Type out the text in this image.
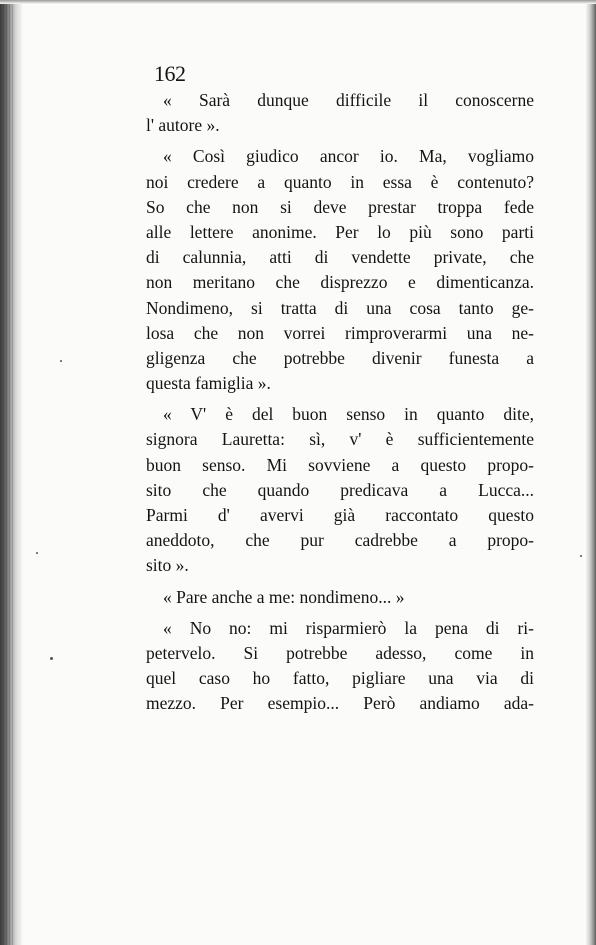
162
« Sarà dunque difficile il conoscerne
l' autore ».
« Così giudico ancor io. Ma, vogliamo
noi credere a quanto in essa è contenuto?
So che non si deve prestar troppa fede
alle lettere anonime. Per lo più sono parti
di calunnia, atti di vendette private, che
non meritano che disprezzo e dimenticanza.
Nondimeno, si tratta di una cosa tanto ge-
losa che non vorrei rimproverarmi una ne-
gligenza che potrebbe divenir funesta a
questa famiglia ».
« V' è del buon senso in quanto dite,
signora Lauretta: sì, v' è sufficientemente
buon senso. Mi sovviene a questo propo-
sito che quando predicava a Lucca...
Parmi d' avervi già raccontato questo
aneddoto, che pur cadrebbe a propo-
sito ».
« Pare anche a me: nondimeno... »
« No no: mi risparmierò la pena di ri-
petervelo. Si potrebbe adesso, come in
quel caso ho fatto, pigliare una via di
mezzo. Per esempio... Però andiamo ada-
